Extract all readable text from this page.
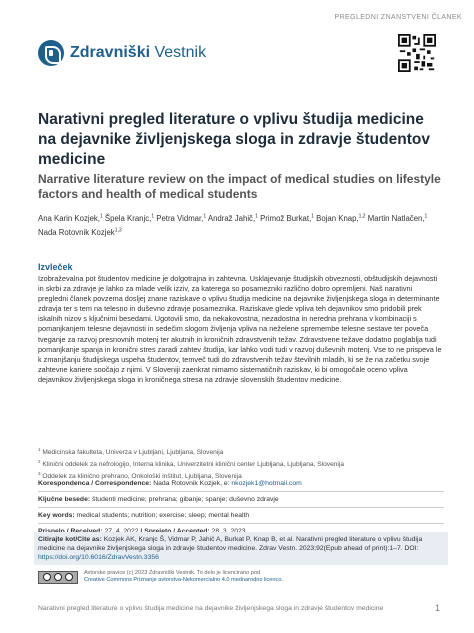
PREGLEDNI ZNANSTVENI ČLANEK
Zdravniški Vestnik
Narativni pregled literature o vplivu študija medicine na dejavnike življenjskega sloga in zdravje študentov medicine
Narrative literature review on the impact of medical studies on lifestyle factors and health of medical students
Ana Karin Kozjek,$^1$ Špela Kranjc,$^1$ Petra Vidmar,$^1$ Andraž Jahič,$^1$ Primož Burkat,$^1$ Bojan Knap,$^{1,2}$ Martin Natlačen,$^1$
Nada Rotovnik Kozjek$^{1,3}$
Izvleček

Izobraževalna pot študentov medicine je dolgotrajna in zahtevna. Usklajevanje študijskih obveznosti, obštudijskih dejavnosti in skrbi za zdravje je lahko za mlade velik izziv, za katerega so posamezniki različno dobro opremljeni. Naš narativni pregledni članek povzema dosljej znane raziskave o vplivu študija medicine na dejavnike življenjskega sloga in determinante zdravja ter s tem na telesno in duševno zdravje posameznika. Raziskave glede vpliva teh dejavnikov smo pridobili prek iskalnih nizov s ključnimi besedami. Ugotovili smo, da nekakovostna, nezadostna in neredna prehrana v kombinaciji s pomanjkanjem telesne dejavnosti in sedečim slogom življenja vpliva na neželene spremembe telesne sestave ter poveča tveganje za razvoj presnovnih motenj ter akutnih in kroničnih zdravstvenih težav. Zdravstvene težave dodatno poglablja tudi pomanjkanje spanja in kronični stres zaradi zahtev študija, kar lahko vodi tudi v razvoj duševnih motenj. Vse to ne prispeva le k zmanjšanju študijskega uspeha študentov, temveč tudi do zdravstvenih težav številnih mladih, ki se že na začetku svoje zahtevne kariere soočajo z njimi. V Sloveniji zaenkrat nimamo sistematičnih raziskav, ki bi omogočale oceno vpliva dejavnikov življenjskega sloga in kroničnega stresa na zdravje slovenskih študentov medicine.

$^1$ Medicinska fakulteta, Univerza v Ljubljani, Ljubljana, Slovenija
$^2$ Klinični oddelek za nefrologijo, Interna klinika, Univerzitetni klinični center Ljubljana, Ljubljana, Slovenija
$^3$ Oddelek za klinično prehrano, Onkološki inštitut, Ljubljana, Slovenija
Korespondenca / Correspondence: Nada Rotovnik Kozjek, e: nkozjek1@hotmail.com
Ključne besede: študenti medicine; prehrana; gibanje; spanje; duševno zdravje
Key words: medical students; nutrition; exercise; sleep; mental health
Citirajte kot/Cite as: Kozjek AK, Kranjc Š, Vidmar P, Jahič A, Burkat P, Knap B, et al. Narativni pregled literature o vplivu študija medicine na dejavnike življenjskega sloga in zdravje študentov medicine. Zdrav Vestn. 2023;92(Epub ahead of print):1–7. DOI: https://doi.org/10.6016/ZdravVestn.3356
Avtorske pravice (c) 2023 Zdravniški Vestnik. To delo je licencirano pod
Creative Commons Priznanje avtorstva-Nekomercialno 4.0 mednarodno licenco.
Narativni pregled literature o vplivu študija medicine na dejavnike življenjskega sloga in zdravje študentov medicine	1
